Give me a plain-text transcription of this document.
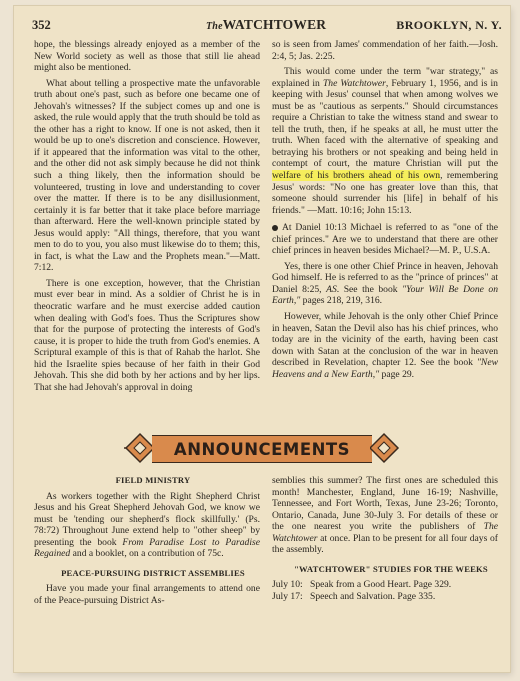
352	TheWATCHTOWER	BROOKLYN, N. Y.

hope, the blessings already enjoyed as a member of the New World society as well as those that still lie ahead might also be mentioned.

What about telling a prospective mate the unfavorable truth about one's past, such as before one became one of Jehovah's witnesses? If the subject comes up and one is asked, the rule would apply that the truth should be told as the other has a right to know. If one is not asked, then it would be up to one's discretion and conscience. However, if it appeared that the information was vital to the other, and the other did not ask simply because he did not think such a thing likely, then the information should be volunteered, trusting in love and understanding to cover over the matter. If there is to be any disillusionment, certainly it is far better that it take place before marriage than afterward. Here the well-known principle stated by Jesus would apply: "All things, therefore, that you want men to do to you, you also must likewise do to them; this, in fact, is what the Law and the Prophets mean."—Matt. 7:12.

There is one exception, however, that the Christian must ever bear in mind. As a soldier of Christ he is in theocratic warfare and he must exercise added caution when dealing with God's foes. Thus the Scriptures show that for the purpose of protecting the interests of God's cause, it is proper to hide the truth from God's enemies. A Scriptural example of this is that of Rahab the harlot. She hid the Israelite spies because of her faith in their God Jehovah. This she did both by her actions and by her lips. That she had Jehovah's approval in doing

so is seen from James' commendation of her faith.—Josh. 2:4, 5; Jas. 2:25.

This would come under the term "war strategy," as explained in The Watchtower, February 1, 1956, and is in keeping with Jesus' counsel that when among wolves we must be as "cautious as serpents." Should circumstances require a Christian to take the witness stand and swear to tell the truth, then, if he speaks at all, he must utter the truth. When faced with the alternative of speaking and betraying his brothers or not speaking and being held in contempt of court, the mature Christian will put the welfare of his brothers ahead of his own, remembering Jesus' words: "No one has greater love than this, that someone should surrender his [life] in behalf of his friends." —Matt. 10:16; John 15:13.

At Daniel 10:13 Michael is referred to as "one of the chief princes." Are we to understand that there are other chief princes in heaven besides Michael?—M. P., U.S.A.

Yes, there is one other Chief Prince in heaven, Jehovah God himself. He is referred to as the "prince of princes" at Daniel 8:25, AS. See the book "Your Will Be Done on Earth," pages 218, 219, 316.

However, while Jehovah is the only other Chief Prince in heaven, Satan the Devil also has his chief princes, who today are in the vicinity of the earth, having been cast down with Satan at the conclusion of the war in heaven described in Revelation, chapter 12. See the book "New Heavens and a New Earth," page 29.

ANNOUNCEMENTS

FIELD MINISTRY

As workers together with the Right Shepherd Christ Jesus and his Great Shepherd Jehovah God, we know we must be 'tending our shepherd's flock skillfully.' (Ps. 78:72) Throughout June extend help to "other sheep" by presenting the book From Paradise Lost to Paradise Regained and a booklet, on a contribution of 75c.

PEACE-PURSUING DISTRICT ASSEMBLIES

Have you made your final arrangements to attend one of the Peace-pursuing District As-

semblies this summer? The first ones are scheduled this month! Manchester, England, June 16-19; Nashville, Tennessee, and Fort Worth, Texas, June 23-26; Toronto, Ontario, Canada, June 30-July 3. For details of these or the one nearest you write the publishers of The Watchtower at once. Plan to be present for all four days of the assembly.

"WATCHTOWER" STUDIES FOR THE WEEKS

July 10: Speak from a Good Heart. Page 329.
July 17: Speech and Salvation. Page 335.
